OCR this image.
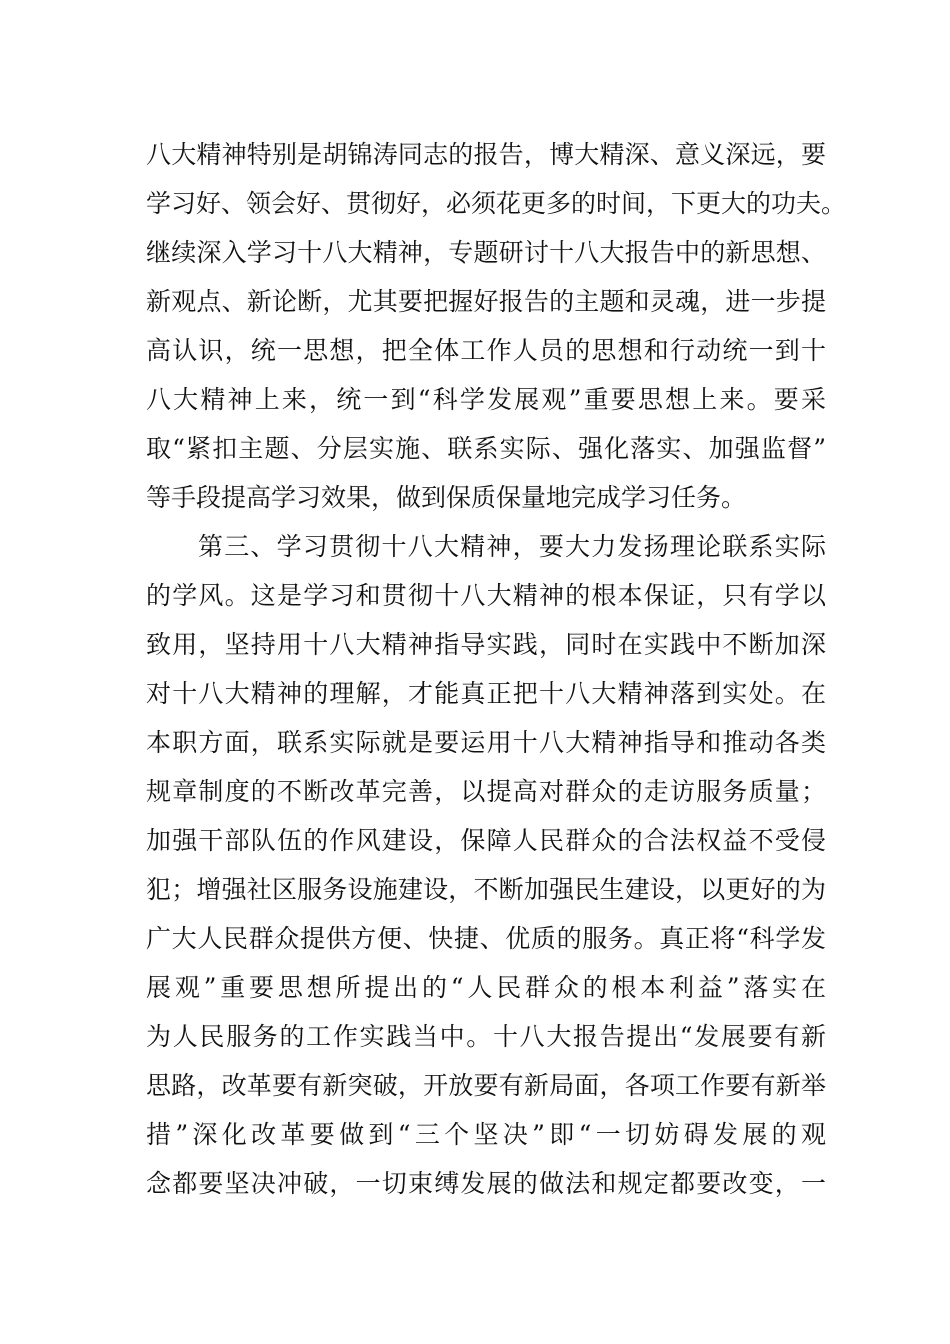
八大精神特别是胡锦涛同志的报告，博大精深、意义深远，要
学习好、领会好、贯彻好，必须花更多的时间，下更大的功夫。
继续深入学习十八大精神，专题研讨十八大报告中的新思想、
新观点、新论断，尤其要把握好报告的主题和灵魂，进一步提
高认识，统一思想，把全体工作人员的思想和行动统一到十
八大精神上来，统一到“科学发展观”重要思想上来。要采
取“紧扣主题、分层实施、联系实际、强化落实、加强监督”
等手段提高学习效果，做到保质保量地完成学习任务。
第三、学习贯彻十八大精神，要大力发扬理论联系实际
的学风。这是学习和贯彻十八大精神的根本保证，只有学以
致用，坚持用十八大精神指导实践，同时在实践中不断加深
对十八大精神的理解，才能真正把十八大精神落到实处。在
本职方面，联系实际就是要运用十八大精神指导和推动各类
规章制度的不断改革完善，以提高对群众的走访服务质量；
加强干部队伍的作风建设，保障人民群众的合法权益不受侵
犯；增强社区服务设施建设，不断加强民生建设，以更好的为
广大人民群众提供方便、快捷、优质的服务。真正将“科学发
展观”重要思想所提出的“人民群众的根本利益”落实在
为人民服务的工作实践当中。十八大报告提出“发展要有新
思路，改革要有新突破，开放要有新局面，各项工作要有新举
措”深化改革要做到“三个坚决”即“一切妨碍发展的观
念都要坚决冲破，一切束缚发展的做法和规定都要改变，一
